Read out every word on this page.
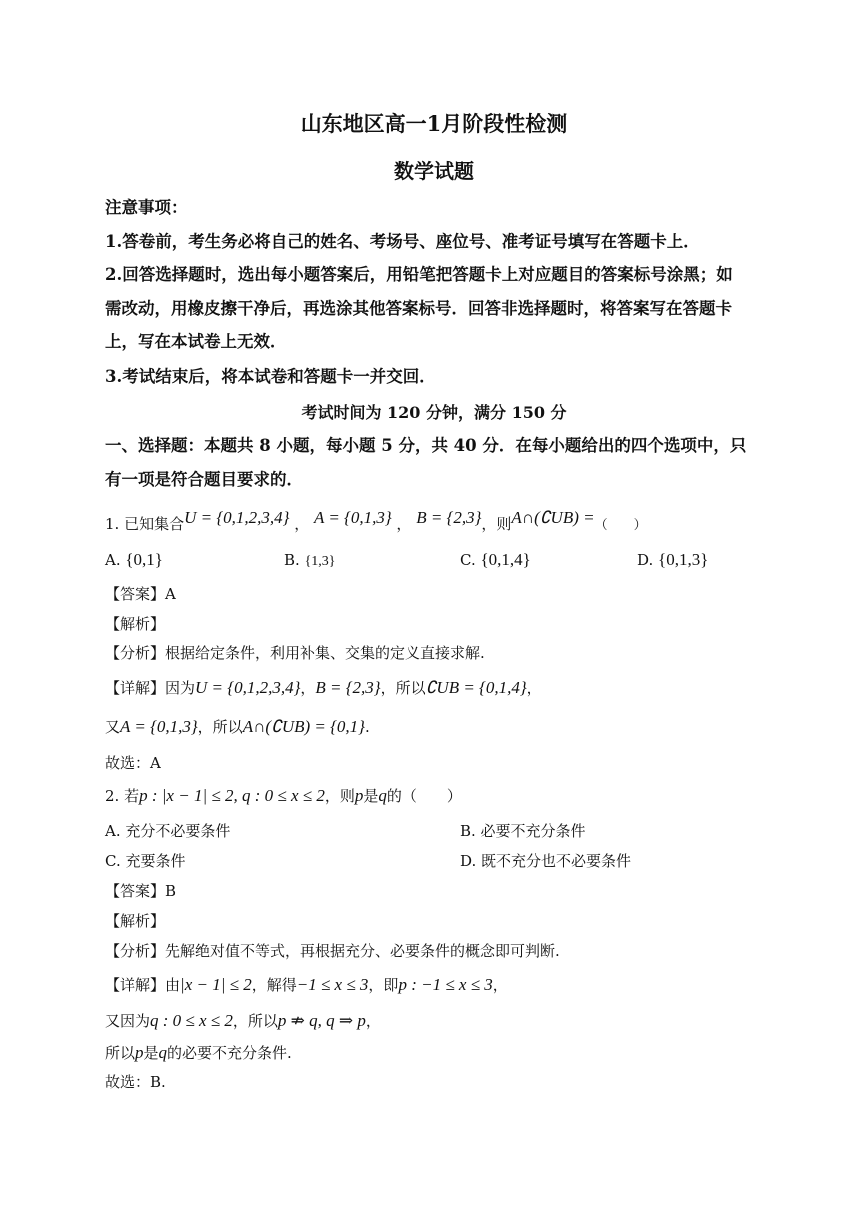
山东地区高一1月阶段性检测
数学试题
注意事项：
1.答卷前，考生务必将自己的姓名、考场号、座位号、准考证号填写在答题卡上．
2.回答选择题时，选出每小题答案后，用铅笔把答题卡上对应题目的答案标号涂黑；如
需改动，用橡皮擦干净后，再选涂其他答案标号．回答非选择题时，将答案写在答题卡
上，写在本试卷上无效．
3.考试结束后，将本试卷和答题卡一并交回．
考试时间为 120 分钟，满分 150 分
一、选择题：本题共 8 小题，每小题 5 分，共 40 分．在每小题给出的四个选项中，只
有一项是符合题目要求的．
1. 已知集合U = {0,1,2,3,4} ， A = {0,1,3} ， B = {2,3}，则A∩(∁UB) =（　　）
A. {0,1}	B. {1,3}	C. {0,1,4}	D. {0,1,3}
【答案】A
【解析】
【分析】根据给定条件，利用补集、交集的定义直接求解.
【详解】因为U = {0,1,2,3,4}，B = {2,3}，所以∁UB = {0,1,4}，
又A = {0,1,3}，所以A∩(∁UB) = {0,1}.
故选：A
2. 若p : |x − 1| ≤ 2, q : 0 ≤ x ≤ 2，则p是q的（　　）
A. 充分不必要条件	B. 必要不充分条件
C. 充要条件	D. 既不充分也不必要条件
【答案】B
【解析】
【分析】先解绝对值不等式，再根据充分、必要条件的概念即可判断.
【详解】由|x − 1| ≤ 2，解得−1 ≤ x ≤ 3，即p : −1 ≤ x ≤ 3，
又因为q : 0 ≤ x ≤ 2，所以p ⇏ q, q ⇒ p，
所以p是q的必要不充分条件.
故选：B.
